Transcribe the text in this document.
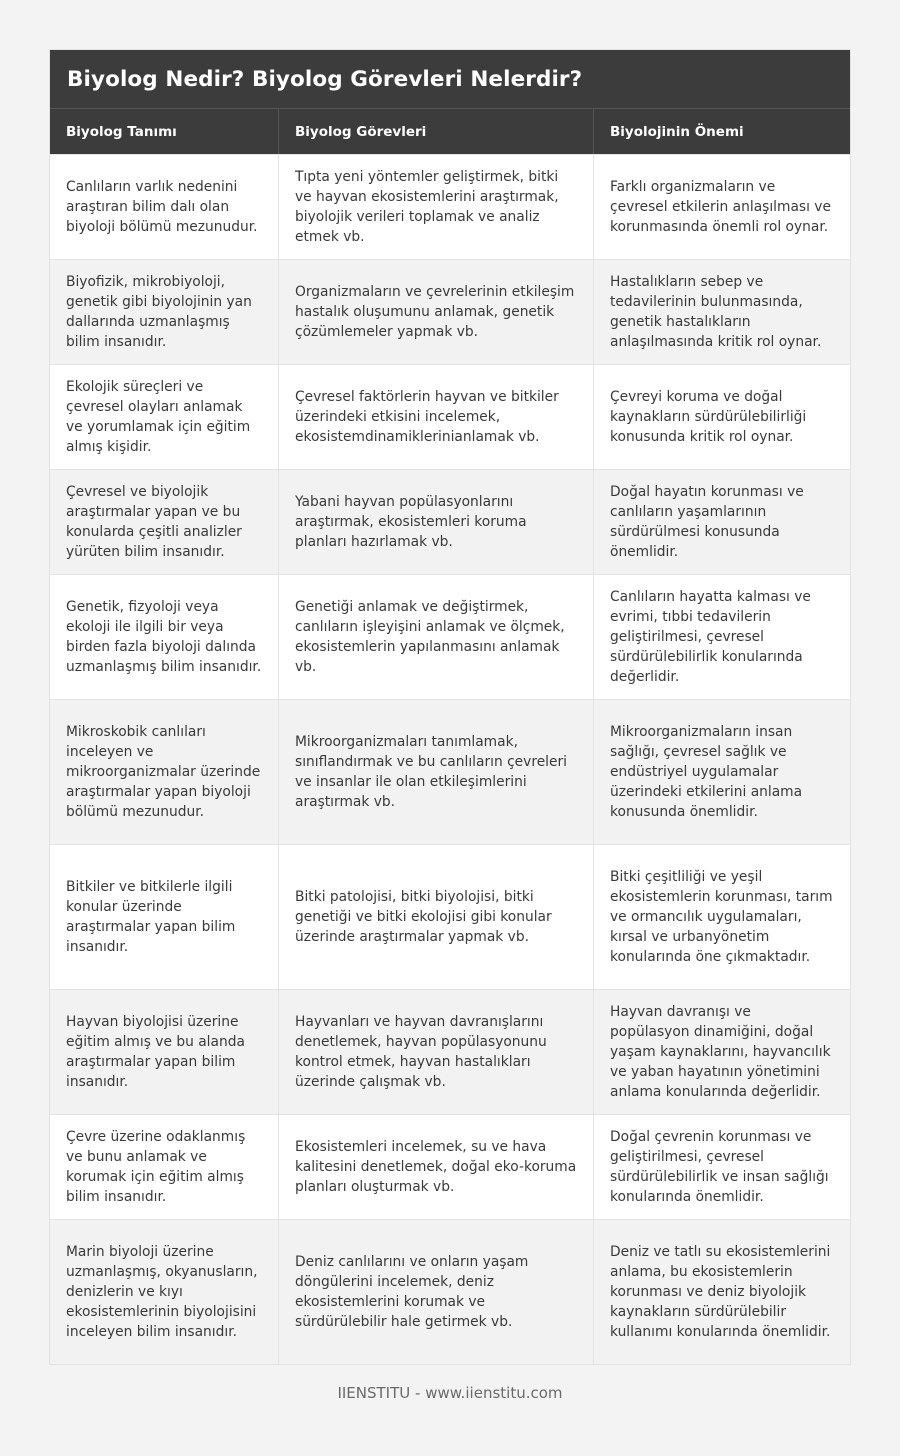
Biyolog Nedir? Biyolog Görevleri Nelerdir?
Biyolog Tanımı	Biyolog Görevleri	Biyolojinin Önemi
Canlıların varlık nedenini araştıran bilim dalı olan biyoloji bölümü mezunudur.
Tıpta yeni yöntemler geliştirmek, bitki ve hayvan ekosistemlerini araştırmak, biyolojik verileri toplamak ve analiz etmek vb.
Farklı organizmaların ve çevresel etkilerin anlaşılması ve korunmasında önemli rol oynar.
Biyofizik, mikrobiyoloji, genetik gibi biyolojinin yan dallarında uzmanlaşmış bilim insanıdır.
Organizmaların ve çevrelerinin etkileşim hastalık oluşumunu anlamak, genetik çözümlemeler yapmak vb.
Hastalıkların sebep ve tedavilerinin bulunmasında, genetik hastalıkların anlaşılmasında kritik rol oynar.
Ekolojik süreçleri ve çevresel olayları anlamak ve yorumlamak için eğitim almış kişidir.
Çevresel faktörlerin hayvan ve bitkiler üzerindeki etkisini incelemek, ekosistemdinamiklerinianlamak vb.
Çevreyi koruma ve doğal kaynakların sürdürülebilirliği konusunda kritik rol oynar.
Çevresel ve biyolojik araştırmalar yapan ve bu konularda çeşitli analizler yürüten bilim insanıdır.
Yabani hayvan popülasyonlarını araştırmak, ekosistemleri koruma planları hazırlamak vb.
Doğal hayatın korunması ve canlıların yaşamlarının sürdürülmesi konusunda önemlidir.
Genetik, fizyoloji veya ekoloji ile ilgili bir veya birden fazla biyoloji dalında uzmanlaşmış bilim insanıdır.
Genetiği anlamak ve değiştirmek, canlıların işleyişini anlamak ve ölçmek, ekosistemlerin yapılanmasını anlamak vb.
Canlıların hayatta kalması ve evrimi, tıbbi tedavilerin geliştirilmesi, çevresel sürdürülebilirlik konularında değerlidir.
Mikroskobik canlıları inceleyen ve mikroorganizmalar üzerinde araştırmalar yapan biyoloji bölümü mezunudur.
Mikroorganizmaları tanımlamak, sınıflandırmak ve bu canlıların çevreleri ve insanlar ile olan etkileşimlerini araştırmak vb.
Mikroorganizmaların insan sağlığı, çevresel sağlık ve endüstriyel uygulamalar üzerindeki etkilerini anlama konusunda önemlidir.
Bitkiler ve bitkilerle ilgili konular üzerinde araştırmalar yapan bilim insanıdır.
Bitki patolojisi, bitki biyolojisi, bitki genetiği ve bitki ekolojisi gibi konular üzerinde araştırmalar yapmak vb.
Bitki çeşitliliği ve yeşil ekosistemlerin korunması, tarım ve ormancılık uygulamaları, kırsal ve urbanyönetim konularında öne çıkmaktadır.
Hayvan biyolojisi üzerine eğitim almış ve bu alanda araştırmalar yapan bilim insanıdır.
Hayvanları ve hayvan davranışlarını denetlemek, hayvan popülasyonunu kontrol etmek, hayvan hastalıkları üzerinde çalışmak vb.
Hayvan davranışı ve popülasyon dinamiğini, doğal yaşam kaynaklarını, hayvancılık ve yaban hayatının yönetimini anlama konularında değerlidir.
Çevre üzerine odaklanmış ve bunu anlamak ve korumak için eğitim almış bilim insanıdır.
Ekosistemleri incelemek, su ve hava kalitesini denetlemek, doğal eko-koruma planları oluşturmak vb.
Doğal çevrenin korunması ve geliştirilmesi, çevresel sürdürülebilirlik ve insan sağlığı konularında önemlidir.
Marin biyoloji üzerine uzmanlaşmış, okyanusların, denizlerin ve kıyı ekosistemlerinin biyolojisini inceleyen bilim insanıdır.
Deniz canlılarını ve onların yaşam döngülerini incelemek, deniz ekosistemlerini korumak ve sürdürülebilir hale getirmek vb.
Deniz ve tatlı su ekosistemlerini anlama, bu ekosistemlerin korunması ve deniz biyolojik kaynakların sürdürülebilir kullanımı konularında önemlidir.
IIENSTITU - www.iienstitu.com
